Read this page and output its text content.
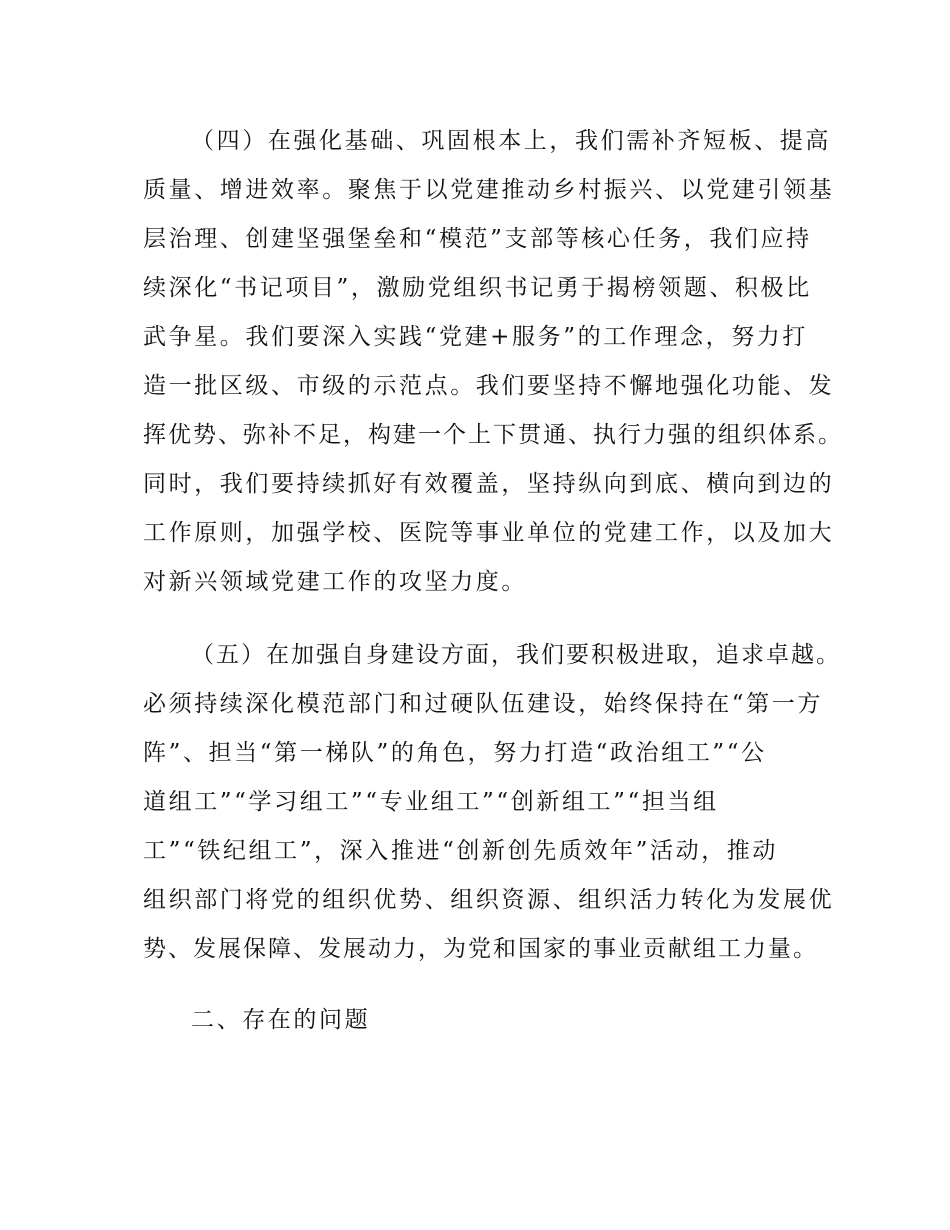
（四）在强化基础、巩固根本上，我们需补齐短板、提高
质量、增进效率。聚焦于以党建推动乡村振兴、以党建引领基
层治理、创建坚强堡垒和“模范”支部等核心任务，我们应持
续深化“书记项目”，激励党组织书记勇于揭榜领题、积极比
武争星。我们要深入实践“党建+服务”的工作理念，努力打
造一批区级、市级的示范点。我们要坚持不懈地强化功能、发
挥优势、弥补不足，构建一个上下贯通、执行力强的组织体系。
同时，我们要持续抓好有效覆盖，坚持纵向到底、横向到边的
工作原则，加强学校、医院等事业单位的党建工作，以及加大
对新兴领域党建工作的攻坚力度。
（五）在加强自身建设方面，我们要积极进取，追求卓越。
必须持续深化模范部门和过硬队伍建设，始终保持在“第一方
阵”、担当“第一梯队”的角色，努力打造“政治组工”“公
道组工”“学习组工”“专业组工”“创新组工”“担当组
工”“铁纪组工”，深入推进“创新创先质效年”活动，推动
组织部门将党的组织优势、组织资源、组织活力转化为发展优
势、发展保障、发展动力，为党和国家的事业贡献组工力量。
二、存在的问题
